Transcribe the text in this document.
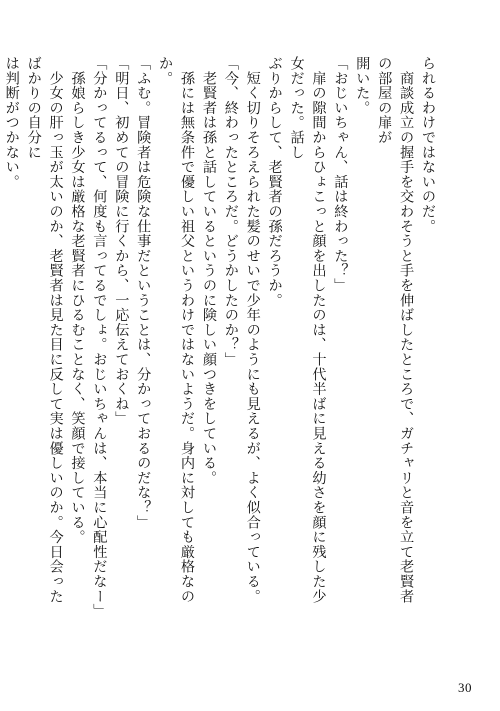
られるわけではないのだ。

　商談成立の握手を交わそうと手を伸ばしたところで、ガチャリと音を立て老賢者の部屋の扉が

開いた。

「おじいちゃん、話は終わった？」

　扉の隙間からひょこっと顔を出したのは、十代半ばに見える幼さを顔に残した少女だった。話し

ぶりからして、老賢者の孫だろうか。

　短く切りそろえられた髪のせいで少年のようにも見えるが、よく似合っている。

「今、終わったところだ。どうかしたのか？」

　老賢者は孫と話しているというのに険しい顔つきをしている。

　孫には無条件で優しい祖父というわけではないようだ。身内に対しても厳格なのか。

「ふむ。冒険者は危険な仕事だということは、分かっておるのだな？」

「明日、初めての冒険に行くから、一応伝えておくね」

「分かってるって、何度も言ってるでしょ。おじいちゃんは、本当に心配性だなー」

　孫娘らしき少女は厳格な老賢者にひるむことなく、笑顔で接している。

　少女の肝っ玉が太いのか、老賢者は見た目に反して実は優しいのか。今日会ったばかりの自分に

は判断がつかない。

30
